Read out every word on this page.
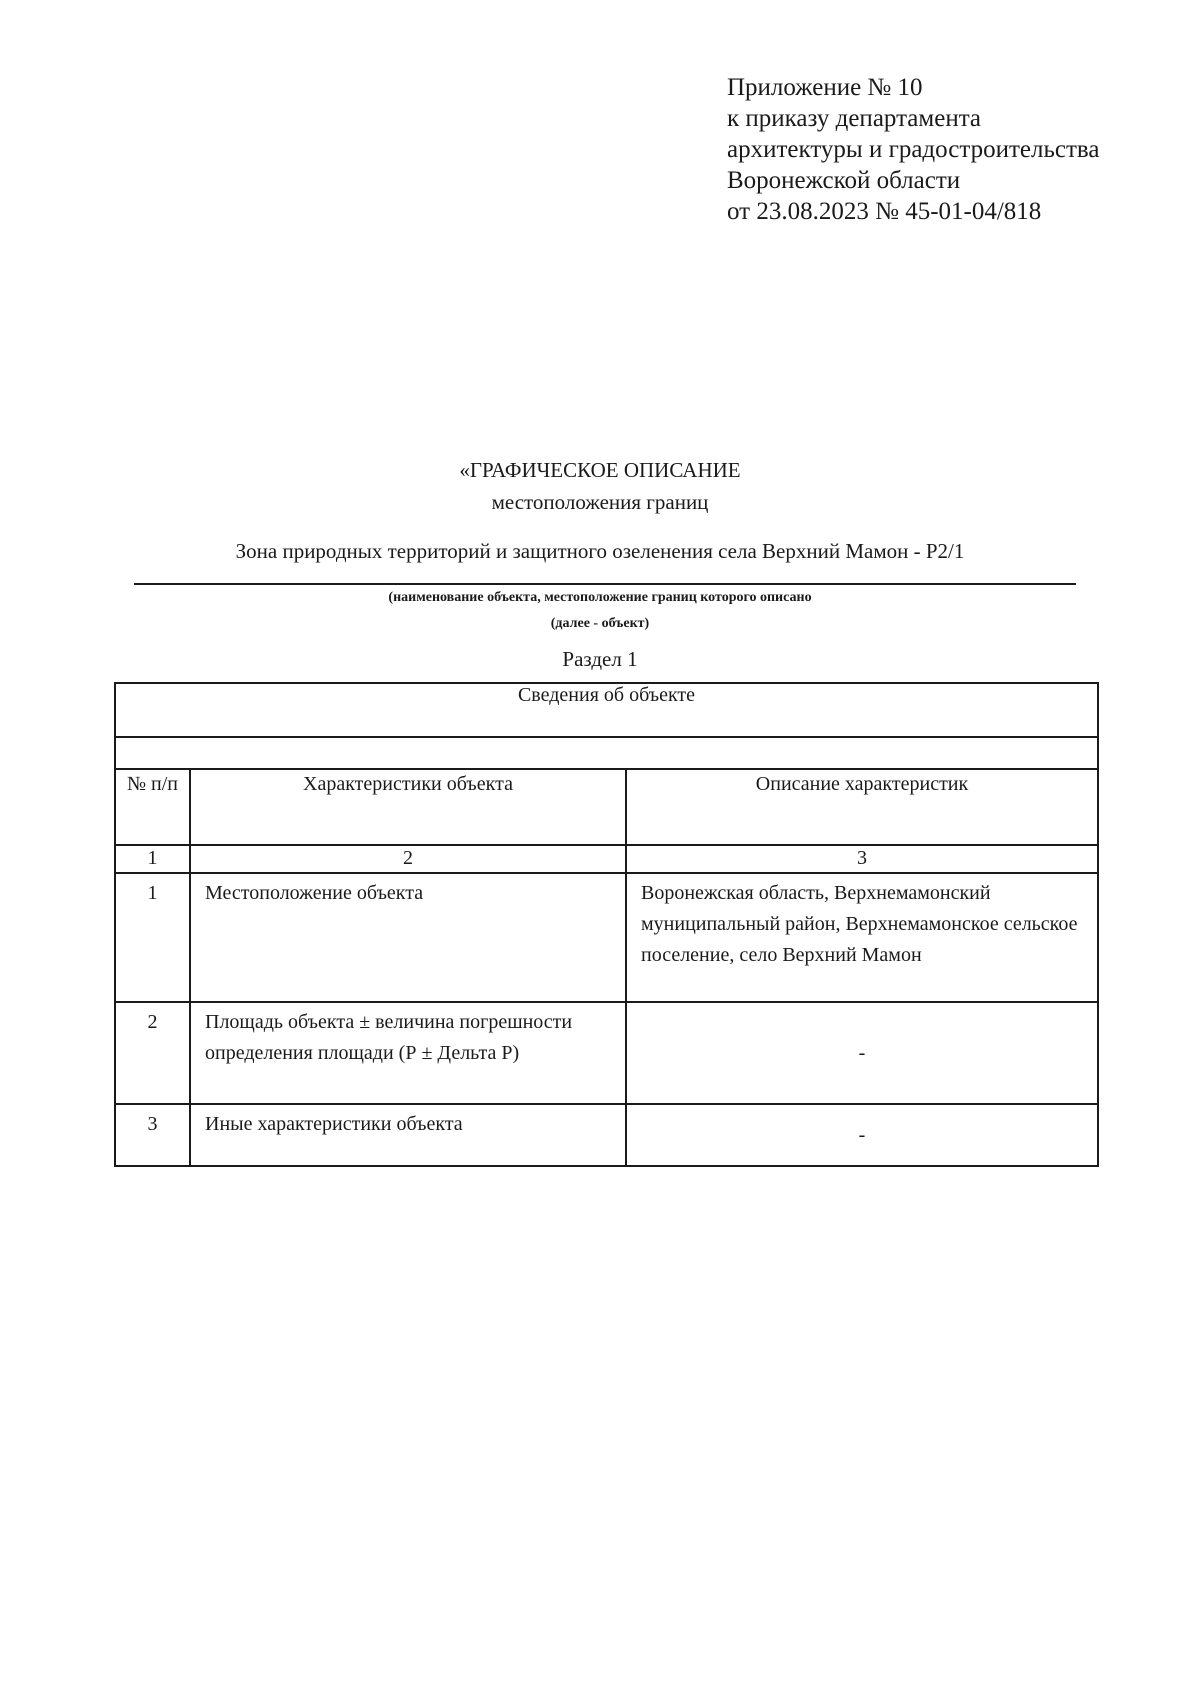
Приложение № 10
к приказу департамента
архитектуры и градостроительства
Воронежской области
от 23.08.2023 № 45-01-04/818
«ГРАФИЧЕСКОЕ ОПИСАНИЕ
местоположения границ
Зона природных территорий и защитного озеленения села Верхний Мамон - Р2/1
(наименование объекта, местоположение границ которого описано
(далее - объект)
Раздел 1
Сведения об объекте		

№ п/п	Характеристики объекта	Описание характеристик
1	2	3
1	Местоположение объекта	Воронежская область, Верхнемамонский муниципальный район, Верхнемамонское сельское поселение, село Верхний Мамон
2	Площадь объекта ± величина погрешности определения площади (Р ± Дельта Р)	-
3	Иные характеристики объекта	-
